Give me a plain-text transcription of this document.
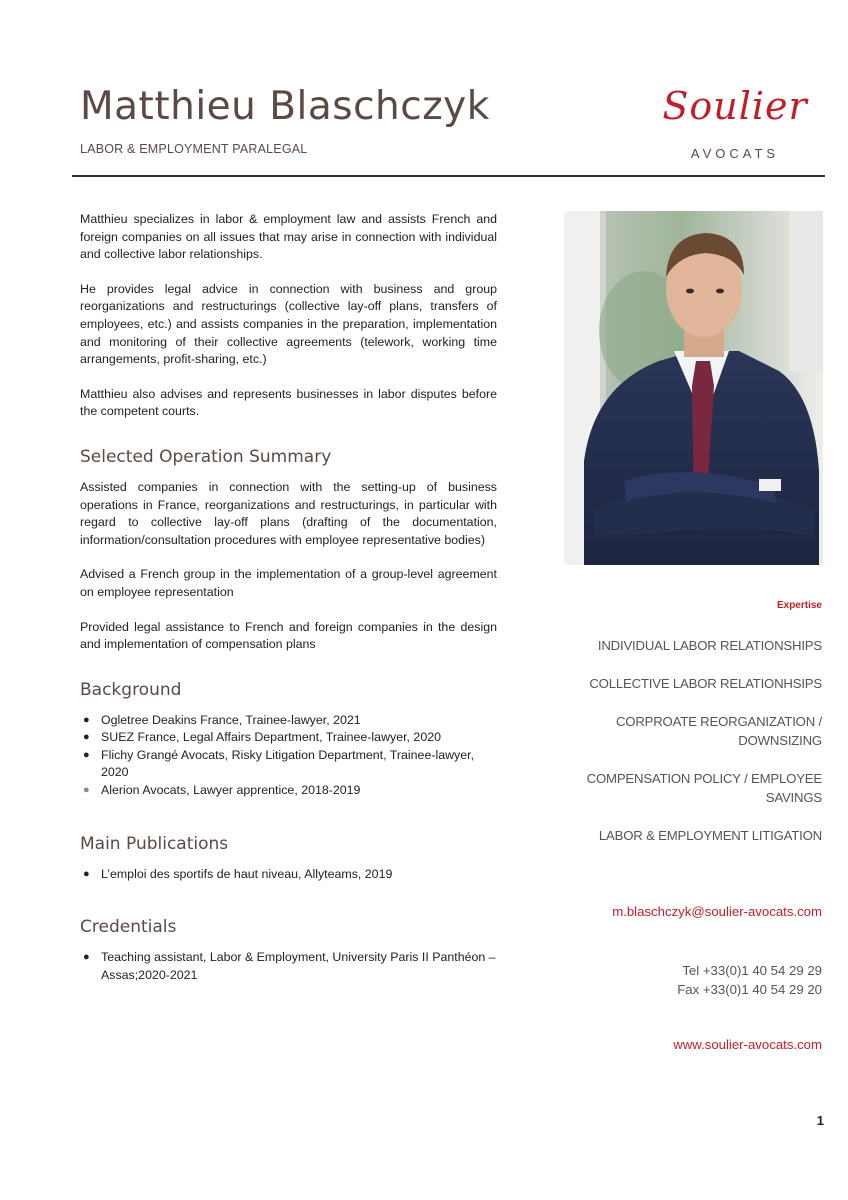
Matthieu Blaschczyk
LABOR & EMPLOYMENT PARALEGAL
Soulier
AVOCATS

Matthieu specializes in labor & employment law and assists French and foreign companies on all issues that may arise in connection with individual and collective labor relationships.

He provides legal advice in connection with business and group reorganizations and restructurings (collective lay-off plans, transfers of employees, etc.) and assists companies in the preparation, implementation and monitoring of their collective agreements (telework, working time arrangements, profit-sharing, etc.)

Matthieu also advises and represents businesses in labor disputes before the competent courts.

Selected Operation Summary

Assisted companies in connection with the setting-up of business operations in France, reorganizations and restructurings, in particular with regard to collective lay-off plans (drafting of the documentation, information/consultation procedures with employee representative bodies)

Advised a French group in the implementation of a group-level agreement on employee representation

Provided legal assistance to French and foreign companies in the design and implementation of compensation plans

Background
● Ogletree Deakins France, Trainee-lawyer, 2021
● SUEZ France, Legal Affairs Department, Trainee-lawyer, 2020
● Flichy Grangé Avocats, Risky Litigation Department, Trainee-lawyer, 2020
● Alerion Avocats, Lawyer apprentice, 2018-2019
Main Publications
● L’emploi des sportifs de haut niveau, Allyteams, 2019
Credentials
● Teaching assistant, Labor & Employment, University Paris II Panthéon – Assas;2020-2021
Expertise
INDIVIDUAL LABOR RELATIONSHIPS
COLLECTIVE LABOR RELATIONHSIPS
CORPROATE REORGANIZATION / DOWNSIZING
COMPENSATION POLICY / EMPLOYEE SAVINGS
LABOR & EMPLOYMENT LITIGATION
m.blaschczyk@soulier-avocats.com
Tel +33(0)1 40 54 29 29
Fax +33(0)1 40 54 29 20
www.soulier-avocats.com
1
